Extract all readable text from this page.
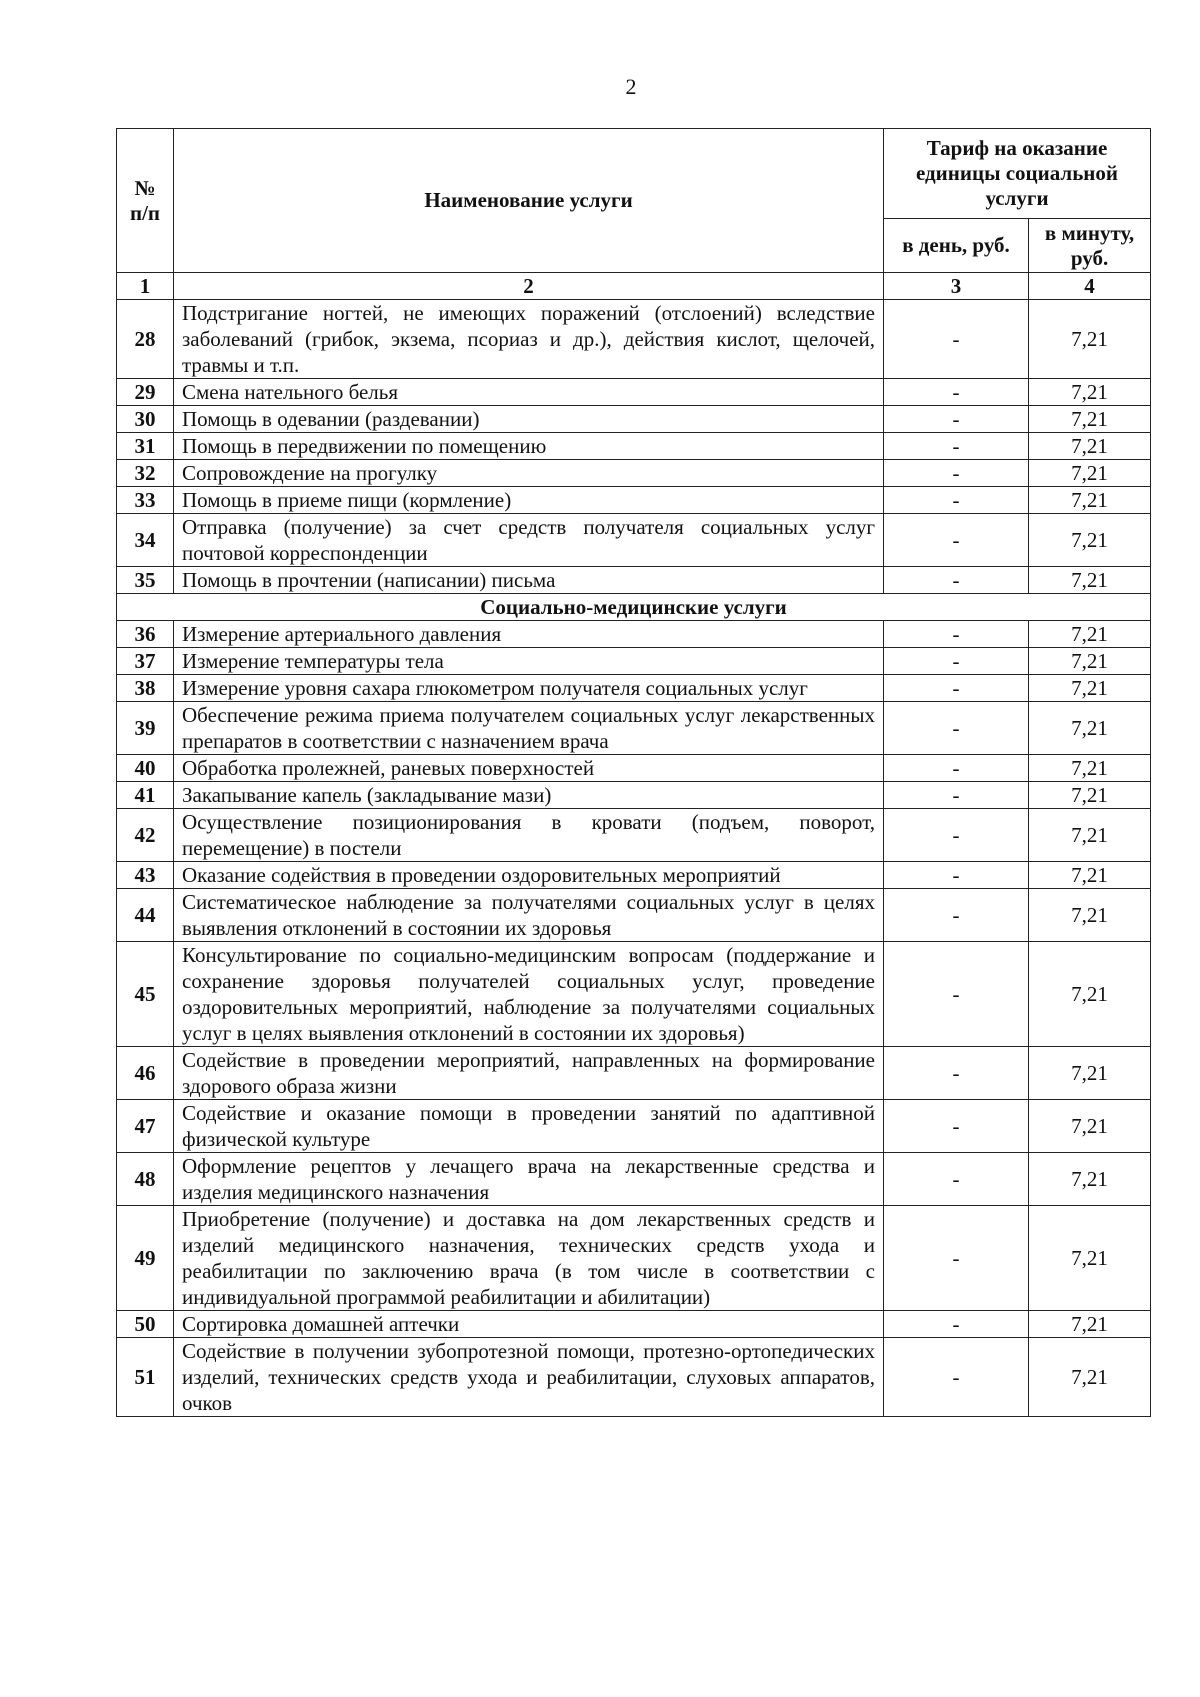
2
№ п/п	Наименование услуги	Тариф на оказание единицы социальной услуги	
		в день, руб.	в минуту, руб.
1	2	3	4
28	Подстригание ногтей, не имеющих поражений (отслоений) вследствие заболеваний (грибок, экзема, псориаз и др.), действия кислот, щелочей, травмы и т.п.	-	7,21
29	Смена нательного белья	-	7,21
30	Помощь в одевании (раздевании)	-	7,21
31	Помощь в передвижении по помещению	-	7,21
32	Сопровождение на прогулку	-	7,21
33	Помощь в приеме пищи (кормление)	-	7,21
34	Отправка (получение) за счет средств получателя социальных услуг почтовой корреспонденции	-	7,21
35	Помощь в прочтении (написании) письма	-	7,21
Социально-медицинские услуги			
36	Измерение артериального давления	-	7,21
37	Измерение температуры тела	-	7,21
38	Измерение уровня сахара глюкометром получателя социальных услуг	-	7,21
39	Обеспечение режима приема получателем социальных услуг лекарственных препаратов в соответствии с назначением врача	-	7,21
40	Обработка пролежней, раневых поверхностей	-	7,21
41	Закапывание капель (закладывание мази)	-	7,21
42	Осуществление позиционирования в кровати (подъем, поворот, перемещение) в постели	-	7,21
43	Оказание содействия в проведении оздоровительных мероприятий	-	7,21
44	Систематическое наблюдение за получателями социальных услуг в целях выявления отклонений в состоянии их здоровья	-	7,21
45	Консультирование по социально-медицинским вопросам (поддержание и сохранение здоровья получателей социальных услуг, проведение оздоровительных мероприятий, наблюдение за получателями социальных услуг в целях выявления отклонений в состоянии их здоровья)	-	7,21
46	Содействие в проведении мероприятий, направленных на формирование здорового образа жизни	-	7,21
47	Содействие и оказание помощи в проведении занятий по адаптивной физической культуре	-	7,21
48	Оформление рецептов у лечащего врача на лекарственные средства и изделия медицинского назначения	-	7,21
49	Приобретение (получение) и доставка на дом лекарственных средств и изделий медицинского назначения, технических средств ухода и реабилитации по заключению врача (в том числе в соответствии с индивидуальной программой реабилитации и абилитации)	-	7,21
50	Сортировка домашней аптечки	-	7,21
51	Содействие в получении зубопротезной помощи, протезно-ортопедических изделий, технических средств ухода и реабилитации, слуховых аппаратов, очков	-	7,21
